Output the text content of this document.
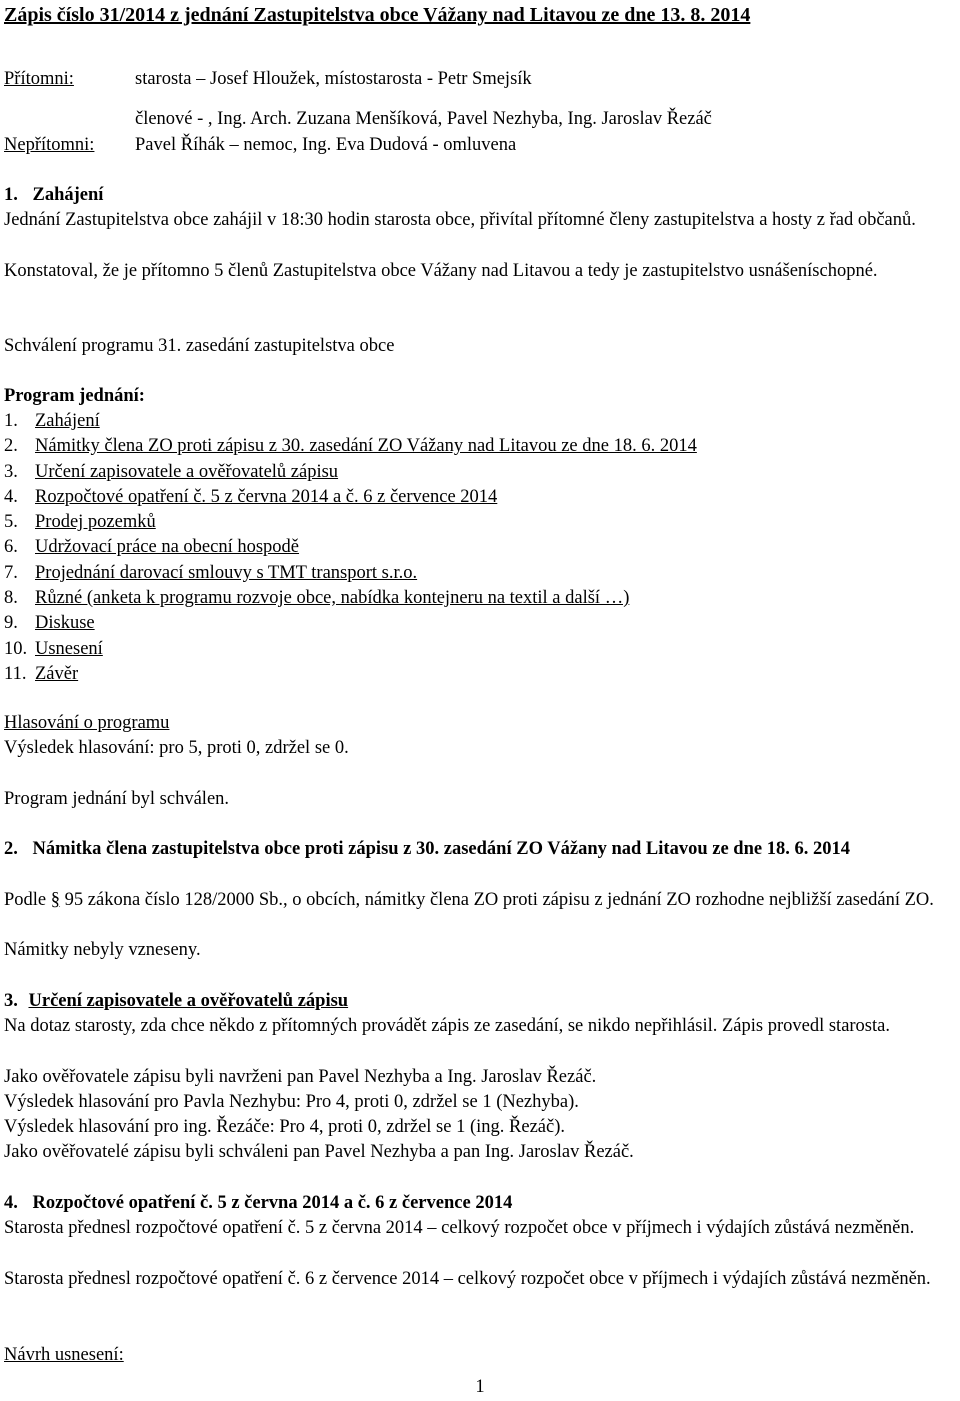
Zápis číslo 31/2014 z jednání Zastupitelstva obce Vážany nad Litavou ze dne 13. 8. 2014
Přítomni:	starosta – Josef Hloužek, místostarosta - Petr Smejsík
členové - , Ing. Arch. Zuzana Menšíková, Pavel Nezhyba, Ing. Jaroslav Řezáč
Nepřítomni: Pavel Říhák – nemoc, Ing. Eva Dudová - omluvena
1. Zahájení
Jednání Zastupitelstva obce zahájil v 18:30 hodin starosta obce, přivítal přítomné členy zastupitelstva a hosty z řad občanů.
Konstatoval, že je přítomno 5 členů Zastupitelstva obce Vážany nad Litavou a tedy je zastupitelstvo usnášeníschopné.
Schválení programu 31. zasedání zastupitelstva obce
Program jednání:
1. Zahájení
2. Námitky člena ZO proti zápisu z 30. zasedání ZO Vážany nad Litavou ze dne 18. 6. 2014
3. Určení zapisovatele a ověřovatelů zápisu
4. Rozpočtové opatření č. 5 z června 2014 a č. 6 z července 2014
5. Prodej pozemků
6. Udržovací práce na obecní hospodě
7. Projednání darovací smlouvy s TMT transport s.r.o.
8. Různé (anketa k programu rozvoje obce, nabídka kontejneru na textil a další …)
9. Diskuse
10. Usnesení
11. Závěr
Hlasování o programu
Výsledek hlasování: pro 5, proti 0, zdržel se 0.
Program jednání byl schválen.
2. Námitka člena zastupitelstva obce proti zápisu z 30. zasedání ZO Vážany nad Litavou ze dne 18. 6. 2014
Podle § 95 zákona číslo 128/2000 Sb., o obcích, námitky člena ZO proti zápisu z jednání ZO rozhodne nejbližší zasedání ZO.
Námitky nebyly vzneseny.
3. Určení zapisovatele a ověřovatelů zápisu
Na dotaz starosty, zda chce někdo z přítomných provádět zápis ze zasedání, se nikdo nepřihlásil. Zápis provedl starosta.
Jako ověřovatele zápisu byli navrženi pan Pavel Nezhyba a Ing. Jaroslav Řezáč.
Výsledek hlasování pro Pavla Nezhybu: Pro 4, proti 0, zdržel se 1 (Nezhyba).
Výsledek hlasování pro ing. Řezáče: Pro 4, proti 0, zdržel se 1 (ing. Řezáč).
Jako ověřovatelé zápisu byli schváleni pan Pavel Nezhyba a pan Ing. Jaroslav Řezáč.
4. Rozpočtové opatření č. 5 z června 2014 a č. 6 z července 2014
Starosta přednesl rozpočtové opatření č. 5 z června 2014 – celkový rozpočet obce v příjmech i výdajích zůstává nezměněn.
Starosta přednesl rozpočtové opatření č. 6 z července 2014 – celkový rozpočet obce v příjmech i výdajích zůstává nezměněn.
Návrh usnesení:
1
